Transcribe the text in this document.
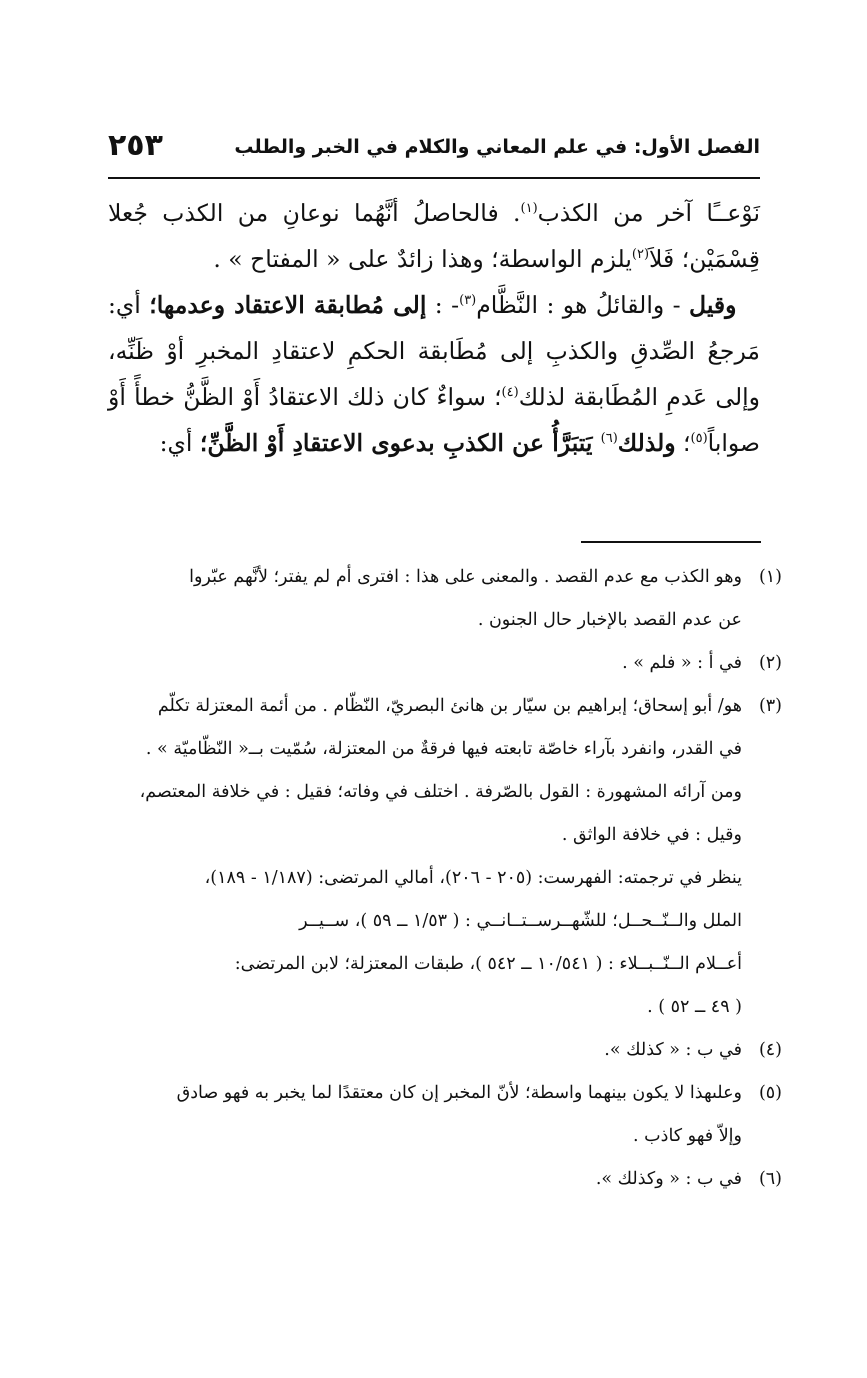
الفصل الأول: في علم المعاني والكلام في الخبر والطلب
٢٥٣

نَوْعــًا آخر من الكذب$^{(١)}$. فالحاصلُ أنَّهُما نوعانِ من الكذب جُعلا قِسْمَيْن؛ فَلاَ$^{(٢)}$يلزم الواسطة؛ وهذا زائدٌ على « المفتاح » .

 وقيل - والقائلُ هو : النَّظَّام$^{(٣)}$- : إلى مُطابقة الاعتقاد وعدمها؛ أي: مَرجعُ الصِّدقِ والكذبِ إلى مُطَابقة الحكمِ لاعتقادِ المخبرِ أوْ ظَنِّه، وإلى عَدمِ المُطَابقة لذلك$^{(٤)}$؛ سواءٌ كان ذلك الاعتقادُ أَوْ الظَّنُّ خطأً أَوْ صواباً$^{(٥)}$؛ ولذلك$^{(٦)}$ يَتبَرَّأُ عن الكذبِ بدعوى الاعتقادِ أَوْ الظَّنِّ؛ أي:

(١)
وهو الكذب مع عدم القصد . والمعنى على هذا : افترى أم لم يفتر؛ لأنَّهم عبّروا
عن عدم القصد بالإخبار حال الجنون .
(٢)
في أ : « فلم » .
(٣)
هو/ أبو إسحاق؛ إبراهيم بن سيّار بن هانئ البصريّ، النّظّام . من أئمة المعتزلة تكلّم
في القدر، وانفرد بآراء خاصّة تابعته فيها فرقةٌ من المعتزلة، سُمّيت بــ« النّظّاميّة » .
ومن آرائه المشهورة : القول بالصّرفة . اختلف في وفاته؛ فقيل : في خلافة المعتصم،
وقيل : في خلافة الواثق .
ينظر في ترجمته: الفهرست: (٢٠٥ - ٢٠٦)، أمالي المرتضى: (١/١٨٧ - ١٨٩)،
الملل والــنّــحــل؛ للشّهــرســتــانــي : ( ١/٥٣ ــ ٥٩ )، ســيــر
أعــلام الــنّــبــلاء : ( ١٠/٥٤١ ــ ٥٤٢ )، طبقات المعتزلة؛ لابن المرتضى:
( ٤٩ ــ ٥٢ ) .
(٤)
في ب : « كذلك ».
(٥)
وعلىهذا لا يكون بينهما واسطة؛ لأنّ المخبر إن كان معتقدًا لما يخبر به فهو صادق
وإلاّ فهو كاذب .
(٦)
في ب : « وكذلك ».
